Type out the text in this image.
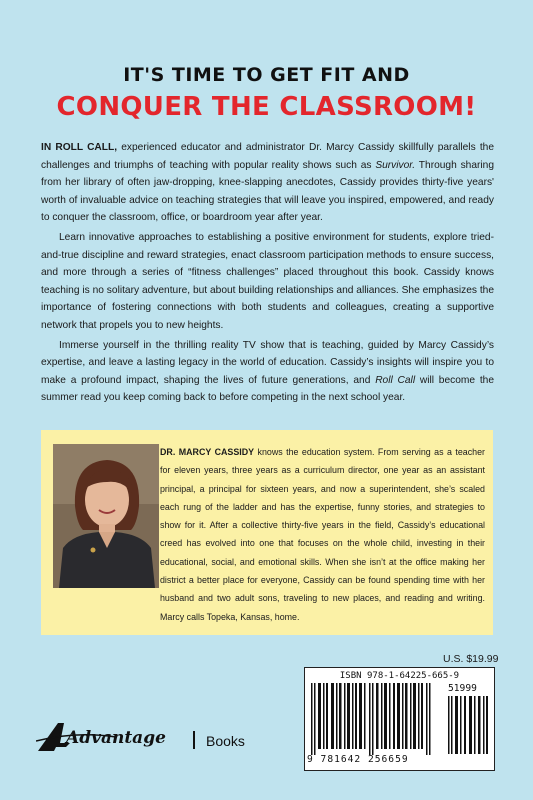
IT'S TIME TO GET FIT AND
CONQUER THE CLASSROOM!

IN ROLL CALL, experienced educator and administrator Dr. Marcy Cassidy skillfully parallels the challenges and triumphs of teaching with popular reality shows such as Survivor. Through sharing from her library of often jaw-dropping, knee-slapping anecdotes, Cassidy provides thirty-five years' worth of invaluable advice on teaching strategies that will leave you inspired, empowered, and ready to conquer the classroom, office, or boardroom year after year.

Learn innovative approaches to establishing a positive environment for students, explore tried-and-true discipline and reward strategies, enact classroom participation methods to ensure success, and more through a series of “fitness challenges” placed throughout this book. Cassidy knows teaching is no solitary adventure, but about building relationships and alliances. She emphasizes the importance of fostering connections with both students and colleagues, creating a supportive network that propels you to new heights.

Immerse yourself in the thrilling reality TV show that is teaching, guided by Marcy Cassidy’s expertise, and leave a lasting legacy in the world of education. Cassidy’s insights will inspire you to make a profound impact, shaping the lives of future generations, and Roll Call will become the summer read you keep coming back to before competing in the next school year.

DR. MARCY CASSIDY knows the education system. From serving as a teacher for eleven years, three years as a curriculum director, one year as an assistant principal, a principal for sixteen years, and now a superintendent, she’s scaled each rung of the ladder and has the expertise, funny stories, and strategies to show for it. After a collective thirty-five years in the field, Cassidy’s educational creed has evolved into one that focuses on the whole child, investing in their educational, social, and emotional skills. When she isn’t at the office making her district a better place for everyone, Cassidy can be found spending time with her husband and two adult sons, traveling to new places, and reading and writing. Marcy calls Topeka, Kansas, home.
U.S. $19.99
ISBN 978-1-64225-665-9
51999
9 781642 256659
Advantage	Books
